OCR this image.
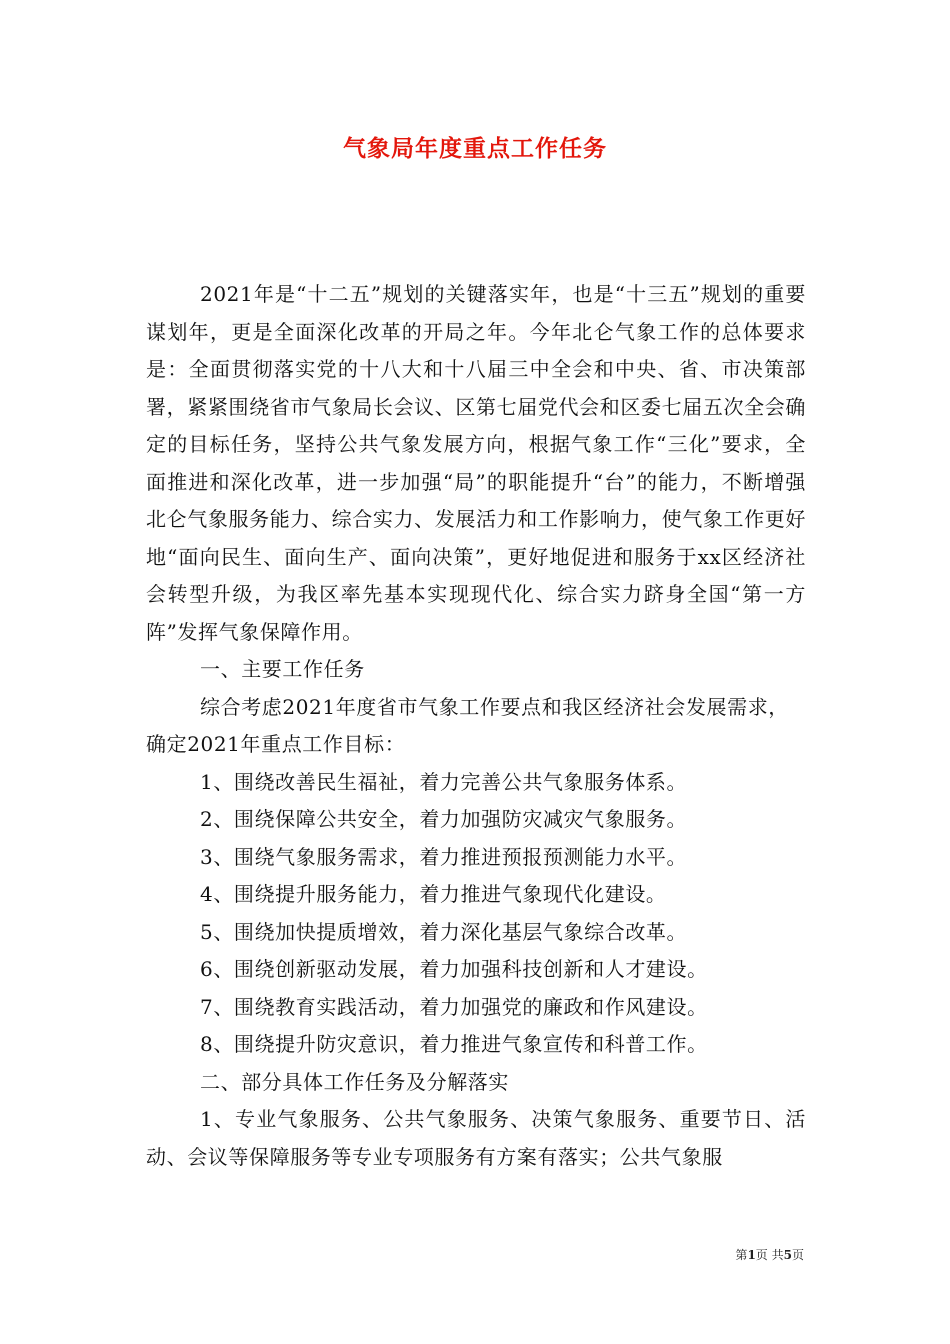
气象局年度重点工作任务

2021年是“十二五”规划的关键落实年，也是“十三五”规划的重要谋划年，更是全面深化改革的开局之年。今年北仑气象工作的总体要求是：全面贯彻落实党的十八大和十八届三中全会和中央、省、市决策部署，紧紧围绕省市气象局长会议、区第七届党代会和区委七届五次全会确定的目标任务，坚持公共气象发展方向，根据气象工作“三化”要求，全面推进和深化改革，进一步加强“局”的职能提升“台”的能力，不断增强北仑气象服务能力、综合实力、发展活力和工作影响力，使气象工作更好地“面向民生、面向生产、面向决策”，更好地促进和服务于xx区经济社会转型升级，为我区率先基本实现现代化、综合实力跻身全国“第一方阵”发挥气象保障作用。

一、主要工作任务

综合考虑2021年度省市气象工作要点和我区经济社会发展需求，确定2021年重点工作目标：

1、围绕改善民生福祉，着力完善公共气象服务体系。

2、围绕保障公共安全，着力加强防灾减灾气象服务。

3、围绕气象服务需求，着力推进预报预测能力水平。

4、围绕提升服务能力，着力推进气象现代化建设。

5、围绕加快提质增效，着力深化基层气象综合改革。

6、围绕创新驱动发展，着力加强科技创新和人才建设。

7、围绕教育实践活动，着力加强党的廉政和作风建设。

8、围绕提升防灾意识，着力推进气象宣传和科普工作。

二、部分具体工作任务及分解落实

1、专业气象服务、公共气象服务、决策气象服务、重要节日、活动、会议等保障服务等专业专项服务有方案有落实；公共气象服

第1页 共5页
